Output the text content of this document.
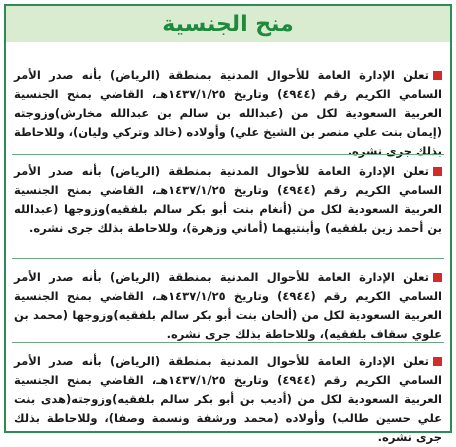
منح الجنسية
تعلن الإدارة العامة للأحوال المدنية بمنطقة (الرياض) بأنه صدر الأمر السامي الكريم رقم (٤٩٤٤) وتاريخ ١٤٣٧/١/٢٥هـ، القاضي بمنح الجنسية العربية السعودية لكل من (عبدالله بن سالم بن عبدالله مخارش)وزوجته (إيمان بنت علي منصر بن الشيخ علي) وأولاده (خالد وتركي وليان)، وللاحاطة بذلك جرى نشره.
تعلن الإدارة العامة للأحوال المدنية بمنطقة (الرياض) بأنه صدر الأمر السامي الكريم رقم (٤٩٤٤) وتاريخ ١٤٣٧/١/٢٥هـ، القاضي بمنح الجنسية العربية السعودية لكل من (أنغام بنت أبو بكر سالم بلفقيه)وزوجها (عبدالله بن أحمد زين بلفقيه) وأبنتيهما (أماني وزهرة)، وللاحاطة بذلك جرى نشره.
تعلن الإدارة العامة للأحوال المدنية بمنطقة (الرياض) بأنه صدر الأمر السامي الكريم رقم (٤٩٤٤) وتاريخ ١٤٣٧/١/٢٥هـ، القاضي بمنح الجنسية العربية السعودية لكل من (ألحان بنت أبو بكر سالم بلفقيه)وزوجها (محمد بن علوي سقاف بلفقيه)، وللاحاطة بذلك جرى نشره.
تعلن الإدارة العامة للأحوال المدنية بمنطقة (الرياض) بأنه صدر الأمر السامي الكريم رقم (٤٩٤٤) وتاريخ ١٤٣٧/١/٢٥هـ، القاضي بمنح الجنسية العربية السعودية لكل من (أديب بن أبو بكر سالم بلفقيه)وزوجته(هدى بنت علي حسين طالب) وأولاده (محمد ورشفة ونسمة وصفا)، وللاحاطة بذلك جرى نشره.
